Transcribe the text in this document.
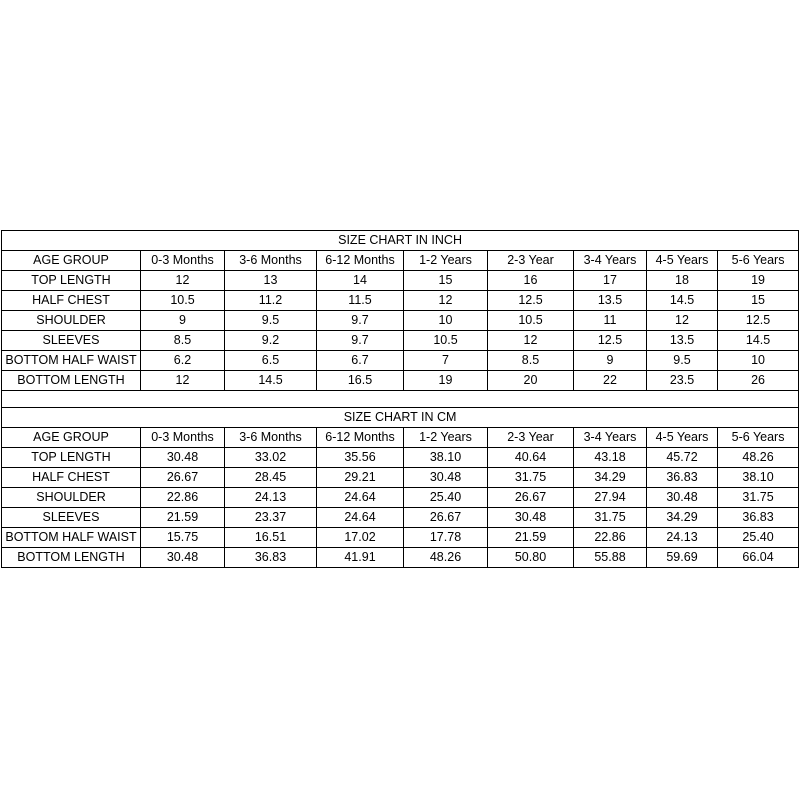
SIZE CHART IN INCH								
AGE GROUP	0-3 Months	3-6 Months	6-12 Months	1-2 Years	2-3 Year	3-4 Years	4-5 Years	5-6 Years
TOP LENGTH	12	13	14	15	16	17	18	19
HALF CHEST	10.5	11.2	11.5	12	12.5	13.5	14.5	15
SHOULDER	9	9.5	9.7	10	10.5	11	12	12.5
SLEEVES	8.5	9.2	9.7	10.5	12	12.5	13.5	14.5
BOTTOM HALF WAIST	6.2	6.5	6.7	7	8.5	9	9.5	10
BOTTOM LENGTH	12	14.5	16.5	19	20	22	23.5	26

SIZE CHART IN CM								
AGE GROUP	0-3 Months	3-6 Months	6-12 Months	1-2 Years	2-3 Year	3-4 Years	4-5 Years	5-6 Years
TOP LENGTH	30.48	33.02	35.56	38.10	40.64	43.18	45.72	48.26
HALF CHEST	26.67	28.45	29.21	30.48	31.75	34.29	36.83	38.10
SHOULDER	22.86	24.13	24.64	25.40	26.67	27.94	30.48	31.75
SLEEVES	21.59	23.37	24.64	26.67	30.48	31.75	34.29	36.83
BOTTOM HALF WAIST	15.75	16.51	17.02	17.78	21.59	22.86	24.13	25.40
BOTTOM LENGTH	30.48	36.83	41.91	48.26	50.80	55.88	59.69	66.04
